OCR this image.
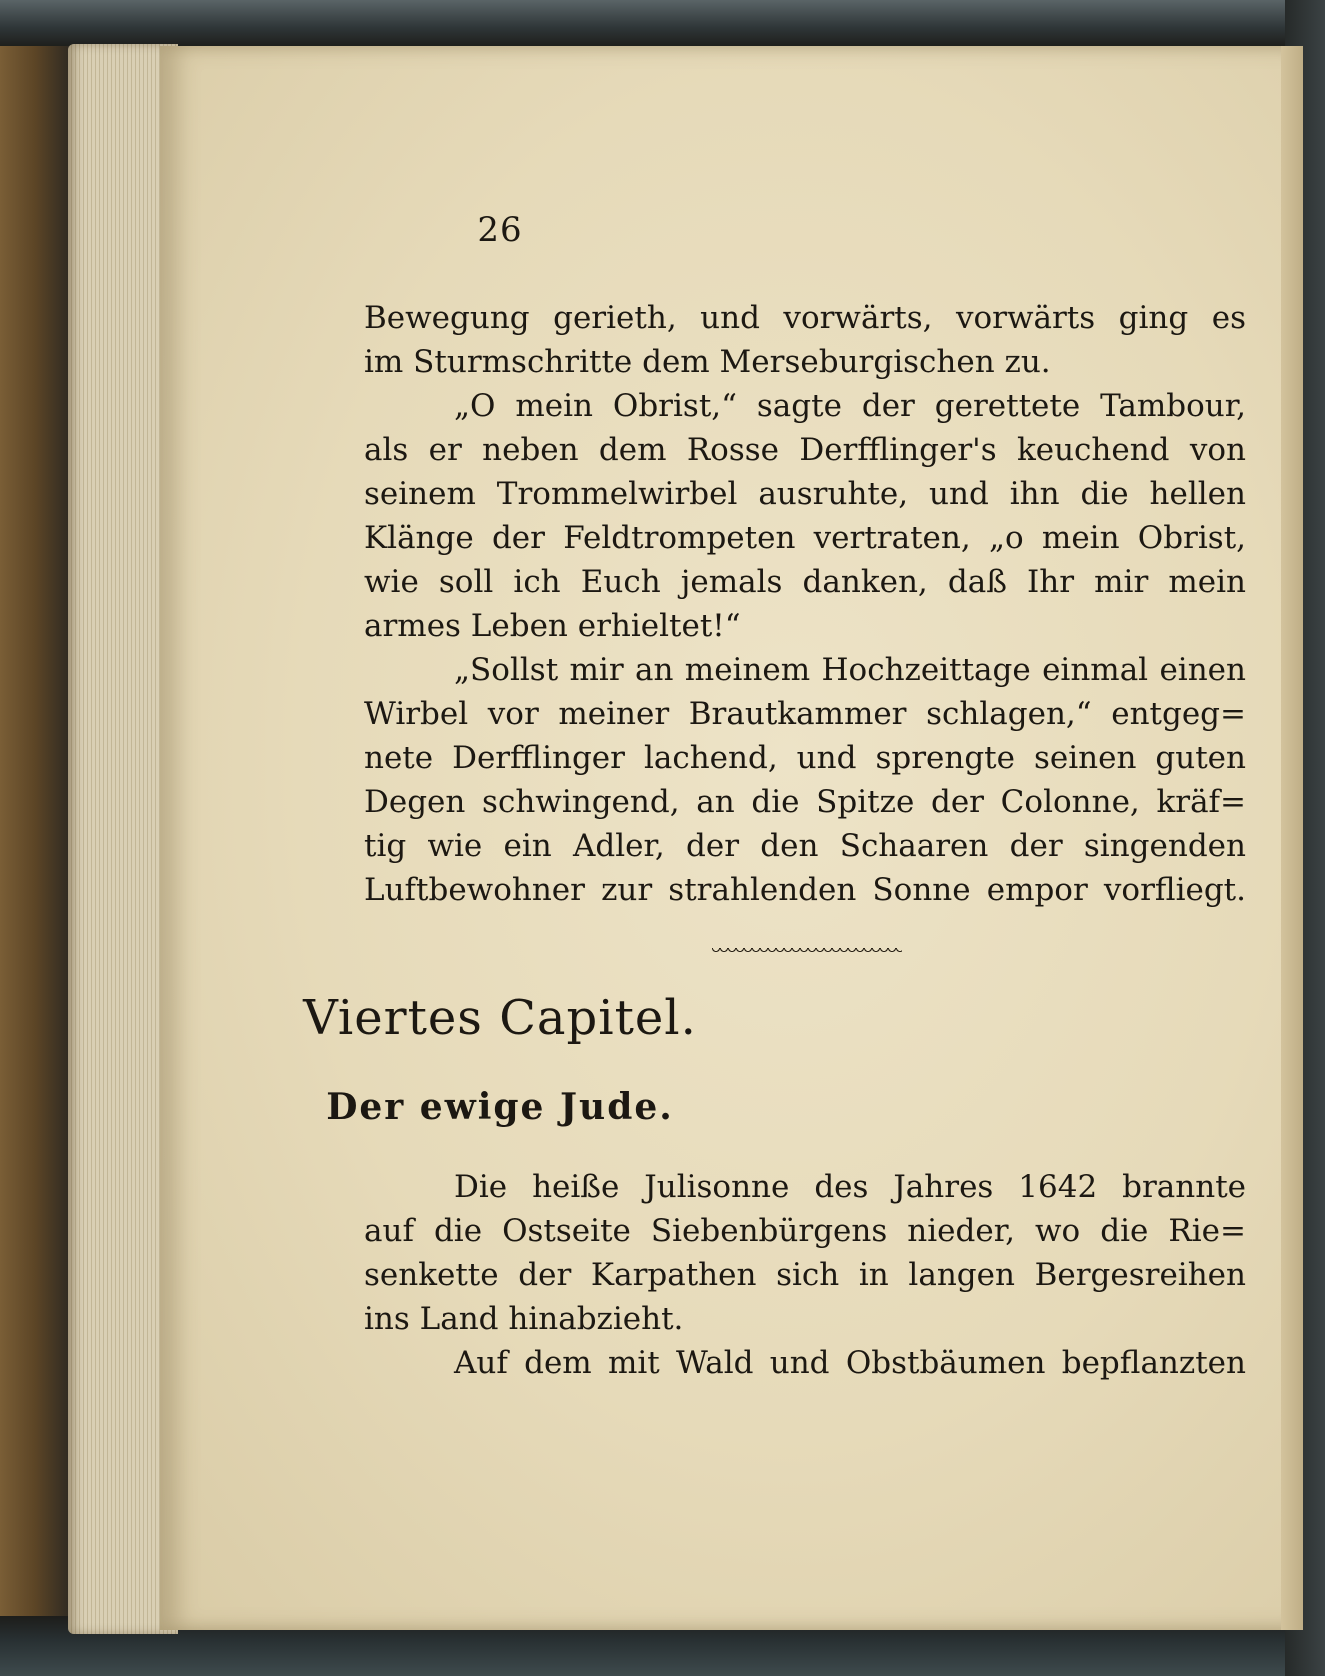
26
Bewegung gerieth, und vorwärts, vorwärts ging es
im Sturmschritte dem Merseburgischen zu.
„O mein Obrist,“ sagte der gerettete Tambour,
als er neben dem Rosse Derfflinger's keuchend von
seinem Trommelwirbel ausruhte, und ihn die hellen
Klänge der Feldtrompeten vertraten, „o mein Obrist,
wie soll ich Euch jemals danken, daß Ihr mir mein
armes Leben erhieltet!“
„Sollst mir an meinem Hochzeittage einmal einen
Wirbel vor meiner Brautkammer schlagen,“ entgeg=
nete Derfflinger lachend, und sprengte seinen guten
Degen schwingend, an die Spitze der Colonne, kräf=
tig wie ein Adler, der den Schaaren der singenden
Luftbewohner zur strahlenden Sonne empor vorfliegt.
Viertes Capitel.
Der ewige Jude.
Die heiße Julisonne des Jahres 1642 brannte
auf die Ostseite Siebenbürgens nieder, wo die Rie=
senkette der Karpathen sich in langen Bergesreihen
ins Land hinabzieht.
Auf dem mit Wald und Obstbäumen bepflanzten
